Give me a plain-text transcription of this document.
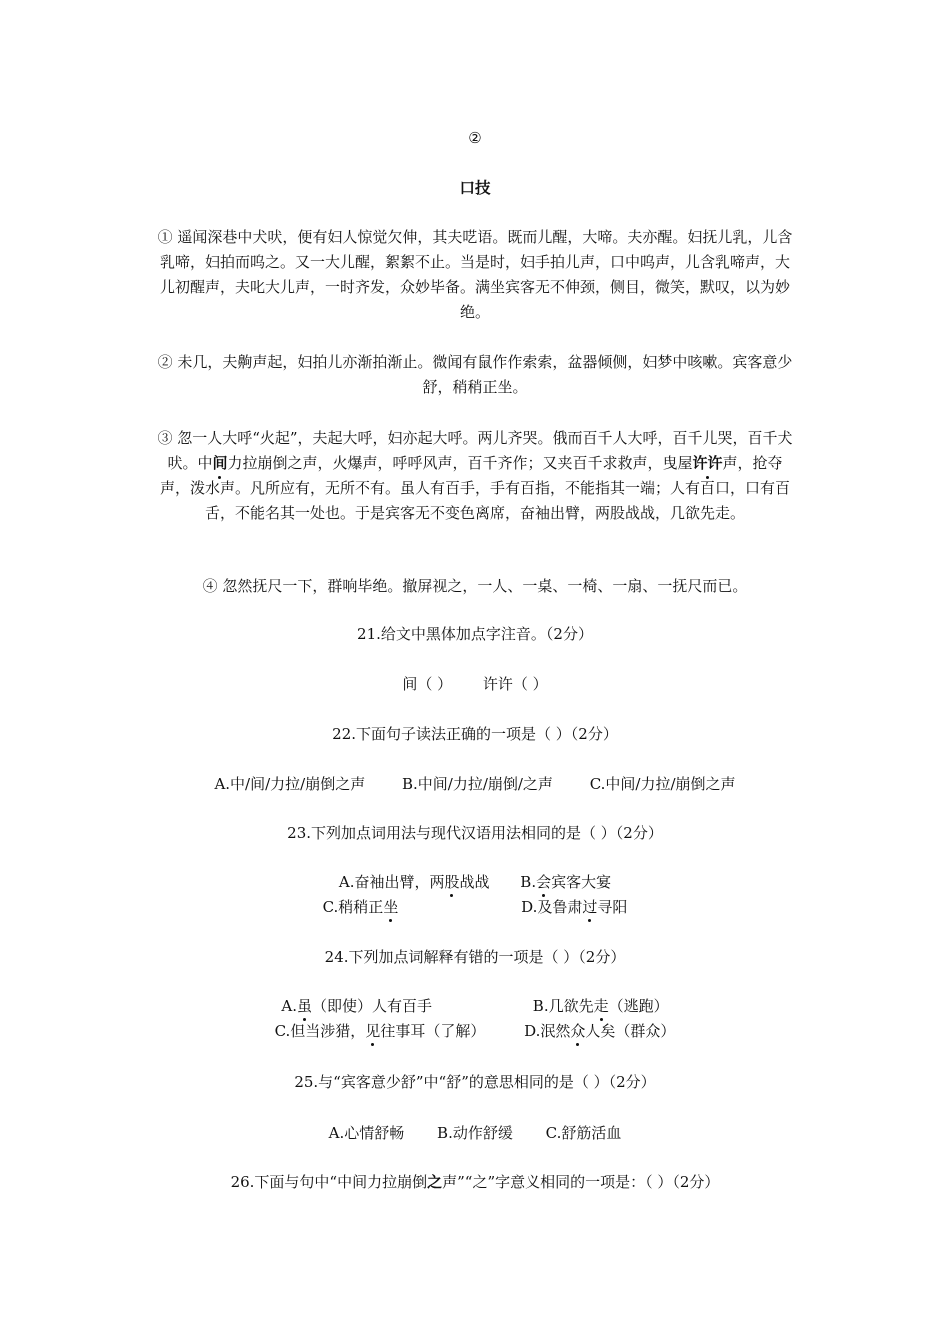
②
口技
① 遥闻深巷中犬吠，便有妇人惊觉欠伸，其夫呓语。既而儿醒，大啼。夫亦醒。妇抚儿乳，儿含乳啼，妇拍而呜之。又一大儿醒，絮絮不止。当是时，妇手拍儿声，口中呜声，儿含乳啼声，大儿初醒声，夫叱大儿声，一时齐发，众妙毕备。满坐宾客无不伸颈，侧目，微笑，默叹，以为妙绝。
② 未几，夫齁声起，妇拍儿亦渐拍渐止。微闻有鼠作作索索，盆器倾侧，妇梦中咳嗽。宾客意少舒，稍稍正坐。
③ 忽一人大呼“火起”，夫起大呼，妇亦起大呼。两儿齐哭。俄而百千人大呼，百千儿哭，百千犬吠。中间力拉崩倒之声，火爆声，呼呼风声，百千齐作；又夹百千求救声，曳屋许许声，抢夺声，泼水声。凡所应有，无所不有。虽人有百手，手有百指，不能指其一端；人有百口，口有百舌，不能名其一处也。于是宾客无不变色离席，奋袖出臂，两股战战，几欲先走。
④ 忽然抚尺一下，群响毕绝。撤屏视之，一人、一桌、一椅、一扇、一抚尺而已。
21.给文中黑体加点字注音。（2分）
间（ ） 许许（ ）
22.下面句子读法正确的一项是（ ）（2分）
A.中/间/力拉/崩倒之声 B.中间/力拉/崩倒/之声 C.中间/力拉/崩倒之声
23.下列加点词用法与现代汉语用法相同的是（ ）（2分）
A.奋袖出臂，两股战战 B.会宾客大宴
C.稍稍正坐	D.及鲁肃过寻阳
24.下列加点词解释有错的一项是（ ）（2分）
A.虽（即使）人有百手	B.几欲先走（逃跑）
C.但当涉猎，见往事耳（了解）	D.泯然众人矣（群众）
25.与“宾客意少舒”中“舒”的意思相同的是（ ）（2分）
A.心情舒畅 B.动作舒缓 C.舒筋活血
26.下面与句中“中间力拉崩倒之声”“之”字意义相同的一项是：（ ）（2分）
